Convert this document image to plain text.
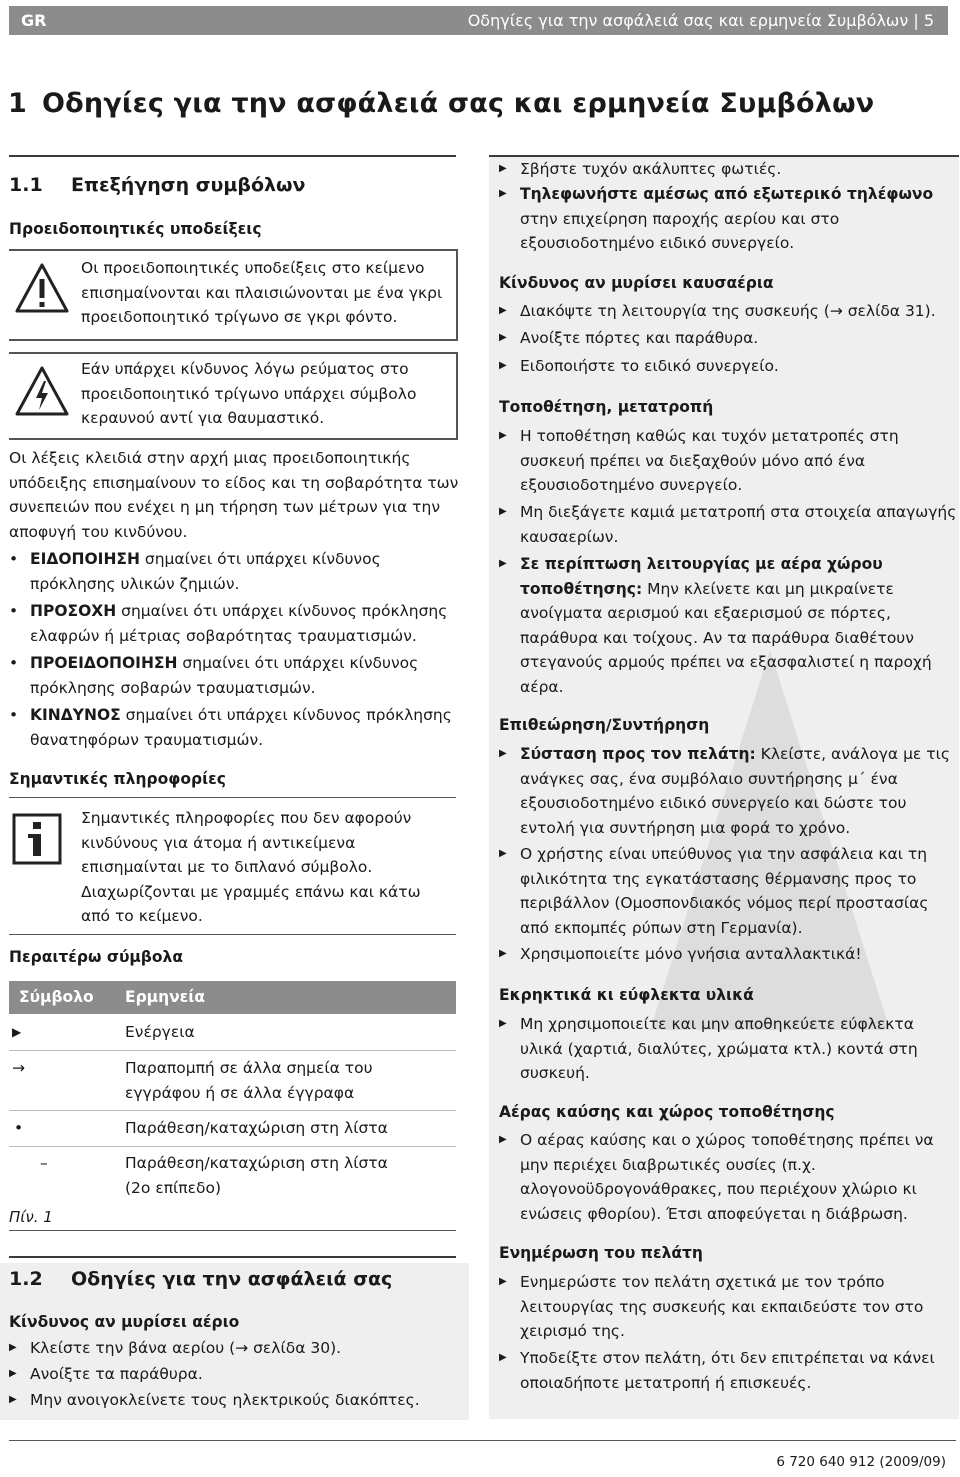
GR	Οδηγίες για την ασφάλειά σας και ερμηνεία Συμβόλων | 5
1 Οδηγίες για την ασφάλειά σας και ερμηνεία Συμβόλων
1.1 Επεξήγηση συμβόλων
Προειδοποιητικές υποδείξεις
Οι προειδοποιητικές υποδείξεις στο κείμενο
επισημαίνονται και πλαισιώνονται με ένα γκρι
προειδοποιητικό τρίγωνο σε γκρι φόντο.
Εάν υπάρχει κίνδυνος λόγω ρεύματος στο
προειδοποιητικό τρίγωνο υπάρχει σύμβολο
κεραυνού αντί για θαυμαστικό.
Οι λέξεις κλειδιά στην αρχή μιας προειδοποιητικής
υπόδειξης επισημαίνουν το είδος και τη σοβαρότητα των
συνεπειών που ενέχει η μη τήρηση των μέτρων για την
αποφυγή του κινδύνου.
• ΕΙΔΟΠΟΙΗΣΗ σημαίνει ότι υπάρχει κίνδυνος
πρόκλησης υλικών ζημιών.
• ΠΡΟΣΟΧΗ σημαίνει ότι υπάρχει κίνδυνος πρόκλησης
ελαφρών ή μέτριας σοβαρότητας τραυματισμών.
• ΠΡΟΕΙΔΟΠΟΙΗΣΗ σημαίνει ότι υπάρχει κίνδυνος
πρόκλησης σοβαρών τραυματισμών.
• ΚΙΝΔΥΝΟΣ σημαίνει ότι υπάρχει κίνδυνος πρόκλησης
θανατηφόρων τραυματισμών.
Σημαντικές πληροφορίες
Σημαντικές πληροφορίες που δεν αφορούν
κινδύνους για άτομα ή αντικείμενα
επισημαίνται με το διπλανό σύμβολο.
Διαχωρίζονται με γραμμές επάνω και κάτω
από το κείμενο.
Περαιτέρω σύμβολα
Σύμβολο Ερμηνεία
▶	Ενέργεια
→	Παραπομπή σε άλλα σημεία του
εγγράφου ή σε άλλα έγγραφα
•	Παράθεση/καταχώριση στη λίστα
–	Παράθεση/καταχώριση στη λίστα
(2ο επίπεδο)
Πίν. 1
1.2 Οδηγίες για την ασφάλειά σας
Κίνδυνος αν μυρίσει αέριο
▶ Κλείστε την βάνα αερίου (→ σελίδα 30).
▶ Ανοίξτε τα παράθυρα.
▶ Μην ανοιγοκλείνετε τους ηλεκτρικούς διακόπτες.
▶ Σβήστε τυχόν ακάλυπτες φωτιές.
▶ Τηλεφωνήστε αμέσως από εξωτερικό τηλέφωνο
στην επιχείρηση παροχής αερίου και στο
εξουσιοδοτημένο ειδικό συνεργείο.
Κίνδυνος αν μυρίσει καυσαέρια
▶ Διακόψτε τη λειτουργία της συσκευής (→ σελίδα 31).
▶ Ανοίξτε πόρτες και παράθυρα.
▶ Ειδοποιήστε το ειδικό συνεργείο.
Τοποθέτηση, μετατροπή
▶ Η τοποθέτηση καθώς και τυχόν μετατροπές στη
συσκευή πρέπει να διεξαχθούν μόνο από ένα
εξουσιοδοτημένο συνεργείο.
▶ Μη διεξάγετε καμιά μετατροπή στα στοιχεία απαγωγής
καυσαερίων.
▶ Σε περίπτωση λειτουργίας με αέρα χώρου
τοποθέτησης: Μην κλείνετε και μη μικραίνετε
ανοίγματα αερισμού και εξαερισμού σε πόρτες,
παράθυρα και τοίχους. Αν τα παράθυρα διαθέτουν
στεγανούς αρμούς πρέπει να εξασφαλιστεί η παροχή
αέρα.
Επιθεώρηση/Συντήρηση
▶ Σύσταση προς τον πελάτη: Κλείστε, ανάλογα με τις
ανάγκες σας, ένα συμβόλαιο συντήρησης μ΄ ένα
εξουσιοδοτημένο ειδικό συνεργείο και δώστε του
εντολή για συντήρηση μια φορά το χρόνο.
▶ Ο χρήστης είναι υπεύθυνος για την ασφάλεια και τη
φιλικότητα της εγκατάστασης θέρμανσης προς το
περιβάλλον (Ομοσπονδιακός νόμος περί προστασίας
από εκπομπές ρύπων στη Γερμανία).
▶ Χρησιμοποιείτε μόνο γνήσια ανταλλακτικά!
Εκρηκτικά κι εύφλεκτα υλικά
▶ Μη χρησιμοποιείτε και μην αποθηκεύετε εύφλεκτα
υλικά (χαρτιά, διαλύτες, χρώματα κτλ.) κοντά στη
συσκευή.
Αέρας καύσης και χώρος τοποθέτησης
▶ Ο αέρας καύσης και ο χώρος τοποθέτησης πρέπει να
μην περιέχει διαβρωτικές ουσίες (π.χ.
αλογονοϋδρογονάθρακες, που περιέχουν χλώριο κι
ενώσεις φθορίου). Έτσι αποφεύγεται η διάβρωση.
Ενημέρωση του πελάτη
▶ Ενημερώστε τον πελάτη σχετικά με τον τρόπο
λειτουργίας της συσκευής και εκπαιδεύστε τον στο
χειρισμό της.
▶ Υποδείξτε στον πελάτη, ότι δεν επιτρέπεται να κάνει
οποιαδήποτε μετατροπή ή επισκευές.
6 720 640 912 (2009/09)
